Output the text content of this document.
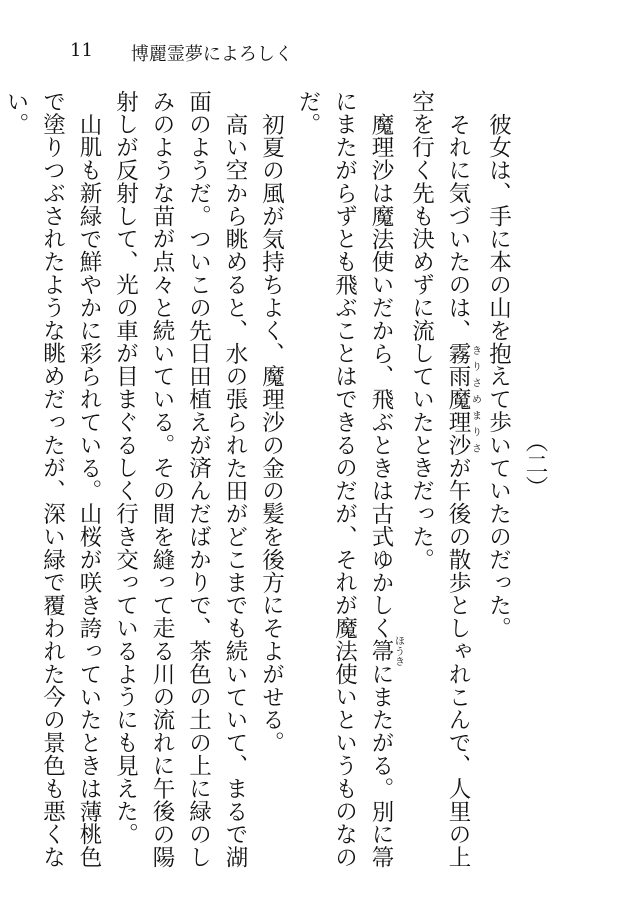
11 博麗霊夢によろしく
（二）

彼女は、手に本の山を抱えて歩いていたのだった。

それに気づいたのは、霧雨魔理沙きりさめまりさが午後の散歩としゃれこんで、人里の上空を行く先も決めずに流していたときだった。

魔理沙は魔法使いだから、飛ぶときは古式ゆかしく箒ほうきにまたがる。別に箒にまたがらずとも飛ぶことはできるのだが、それが魔法使いというものなのだ。

初夏の風が気持ちよく、魔理沙の金の髪を後方にそよがせる。

高い空から眺めると、水の張られた田がどこまでも続いていて、まるで湖面のようだ。ついこの先日田植えが済んだばかりで、茶色の土の上に緑のしみのような苗が点々と続いている。その間を縫って走る川の流れに午後の陽射しが反射して、光の車が目まぐるしく行き交っているようにも見えた。

山肌も新緑で鮮やかに彩られている。山桜が咲き誇っていたときは薄桃色で塗りつぶされたような眺めだったが、深い緑で覆われた今の景色も悪くない。
